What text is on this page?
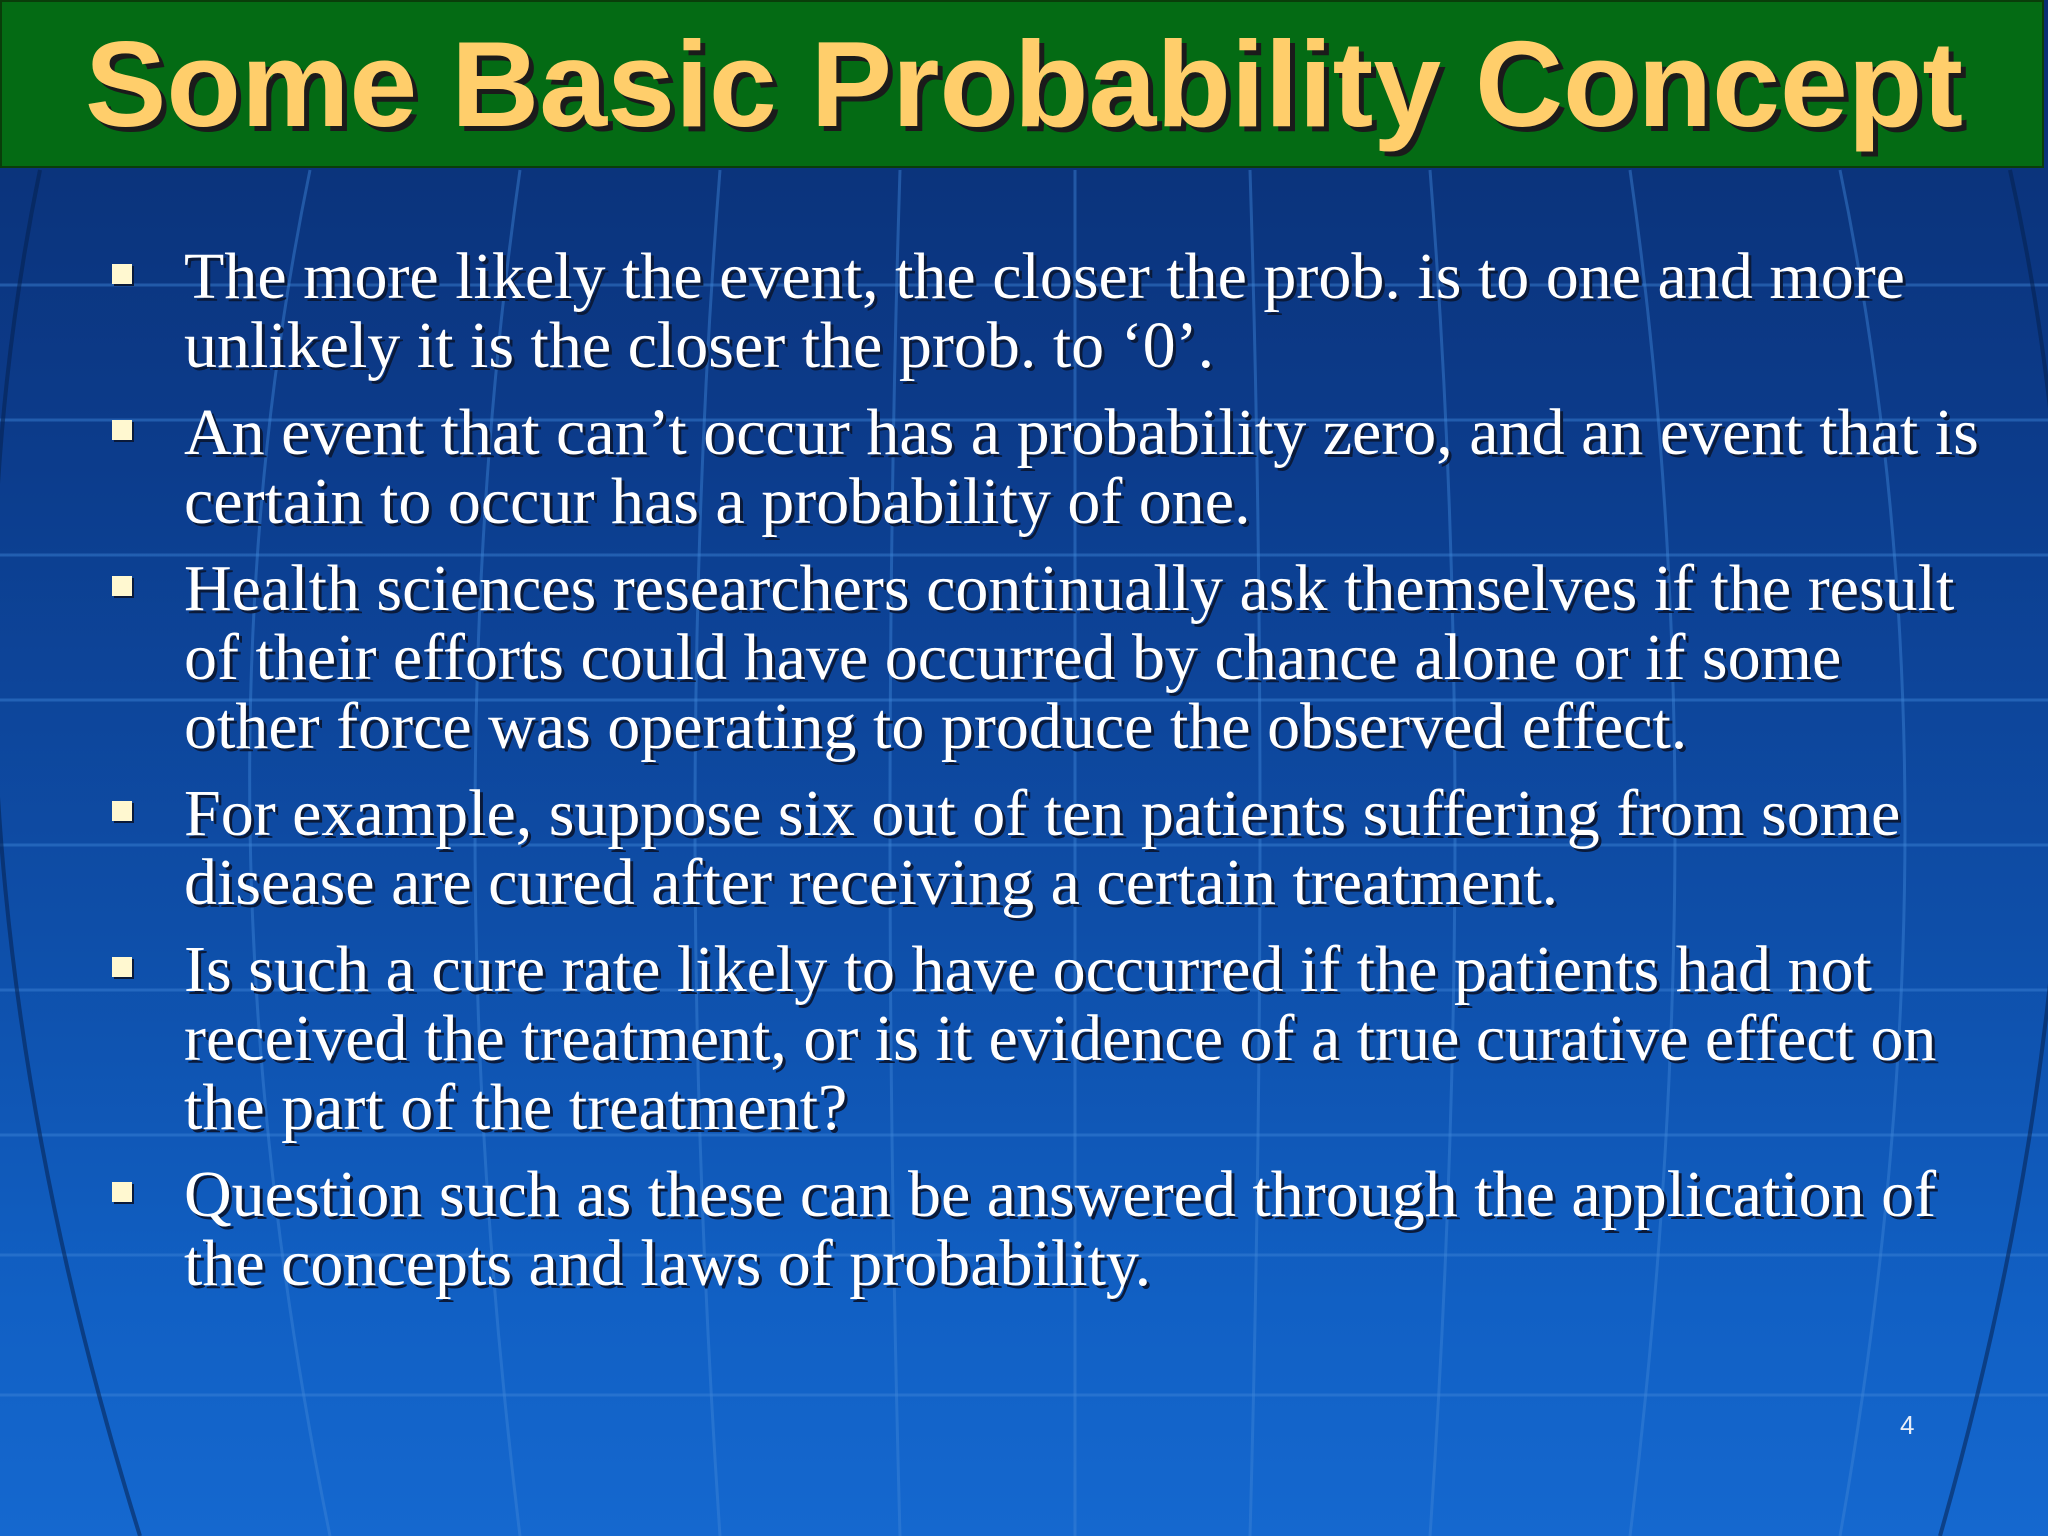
Some Basic Probability Concept
The more likely the event, the closer the prob. is to one and more unlikely it is the closer the prob. to ‘0’.
An event that can’t occur has a probability zero, and an event that is certain to occur has a probability of one.
Health sciences researchers continually ask themselves if the result of their efforts could have occurred by chance alone or if some other force was operating to produce the observed effect.
For example, suppose six out of ten patients suffering from some disease are cured after receiving a certain treatment.
Is such a cure rate likely to have occurred if the patients had not received the treatment, or is it evidence of a true curative effect on the part of the treatment?
Question such as these can be answered through the application of the concepts and laws of probability.
4
